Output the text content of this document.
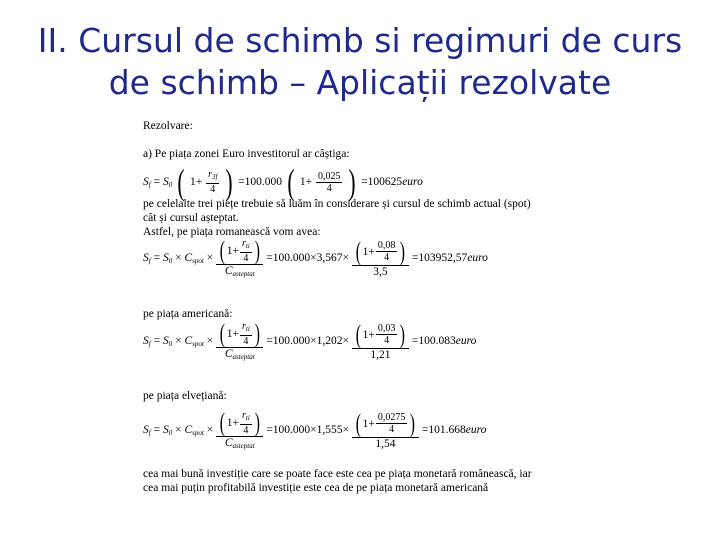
II. Cursul de schimb si regimuri de curs
de schimb – Aplicații rezolvate
Rezolvare:
a) Pe piața zonei Euro investitorul ar câștiga:
$S_f = S_0$ ( $1+ \frac{r_{3f}}{4}$ ) =100.000 ( $1+ \frac{0,025}{4}$ ) =100625euro
pe celelalte trei piețe trebuie să luăm în considerare și cursul de schimb actual (spot)
cât și cursul așteptat.
Astfel, pe piața romanească vom avea:
$S_f = S_0 \times C_{spot}$ × ( $1+ \frac{r_{ti}}{4}$ )
$C_{asteptat}$
$=100.000\times 3,567\times \frac{( 1+ \frac{0,08}{4} )}{3,5}$ =103952,57euro
pe piața americană:
$S_f = S_0 \times C_{spot}$ × ( $1+ \frac{r_{ti}}{4}$ )
$C_{asteptat}$
$=100.000\times 1,202\times \frac{( 1+ \frac{0,03}{4} )}{1,21}$ =100.083euro
pe piața elvețiană:
$S_f = S_0 \times C_{spot}$ × ( $1+ \frac{r_{ti}}{4}$ )
$C_{asteptat}$
$=100.000\times 1,555\times \frac{( 1+ \frac{0,0275}{4} )}{1,54}$ =101.668euro
cea mai bună investiție care se poate face este cea pe piața monetară românească, iar
cea mai puțin profitabilă investiție este cea de pe piața monetară americană
